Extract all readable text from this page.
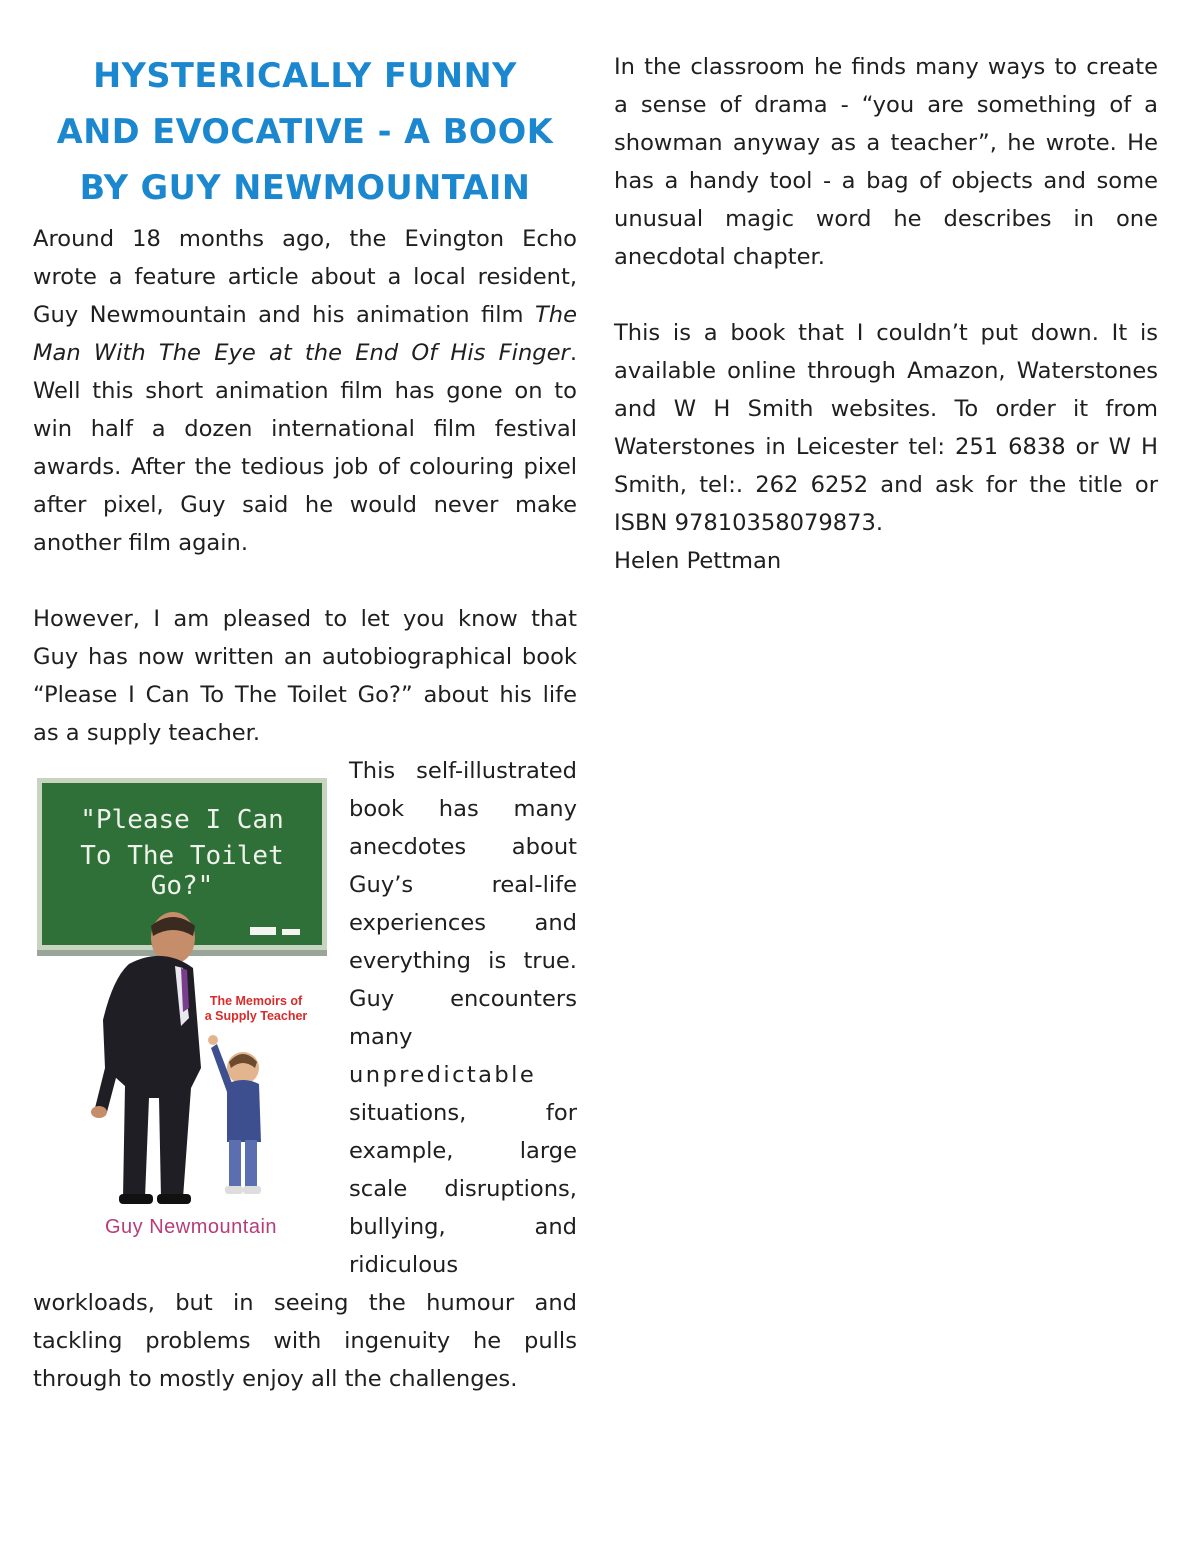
HYSTERICALLY FUNNY
AND EVOCATIVE - A BOOK
BY GUY NEWMOUNTAIN

Around 18 months ago, the Evington Echo wrote a feature article about a local resident, Guy Newmountain and his animation film The Man With The Eye at the End Of His Finger. Well this short animation film has gone on to win half a dozen international film festival awards. After the tedious job of colouring pixel after pixel, Guy said he would never make another film again.

However, I am pleased to let you know that Guy has now written an autobiographical book “Please I Can To The Toilet Go?” about his life as a supply teacher.

"Please I Can
To The Toilet Go?"
The Memoirs of
a Supply Teacher
Guy Newmountain

This self-illustrated book has many anecdotes about Guy’s real-life experiences and everything is true. Guy encounters many unpredictable situations, for example, large scale disruptions, bullying, and ridiculous workloads, but in seeing the humour and tackling problems with ingenuity he pulls through to mostly enjoy all the challenges.

In the classroom he finds many ways to create a sense of drama - “you are something of a showman anyway as a teacher”, he wrote. He has a handy tool - a bag of objects and some unusual magic word he describes in one anecdotal chapter.

This is a book that I couldn’t put down. It is available online through Amazon, Waterstones and W H Smith websites. To order it from Waterstones in Leicester tel: 251 6838 or W H Smith, tel:. 262 6252 and ask for the title or ISBN 97810358079873.

Helen Pettman
